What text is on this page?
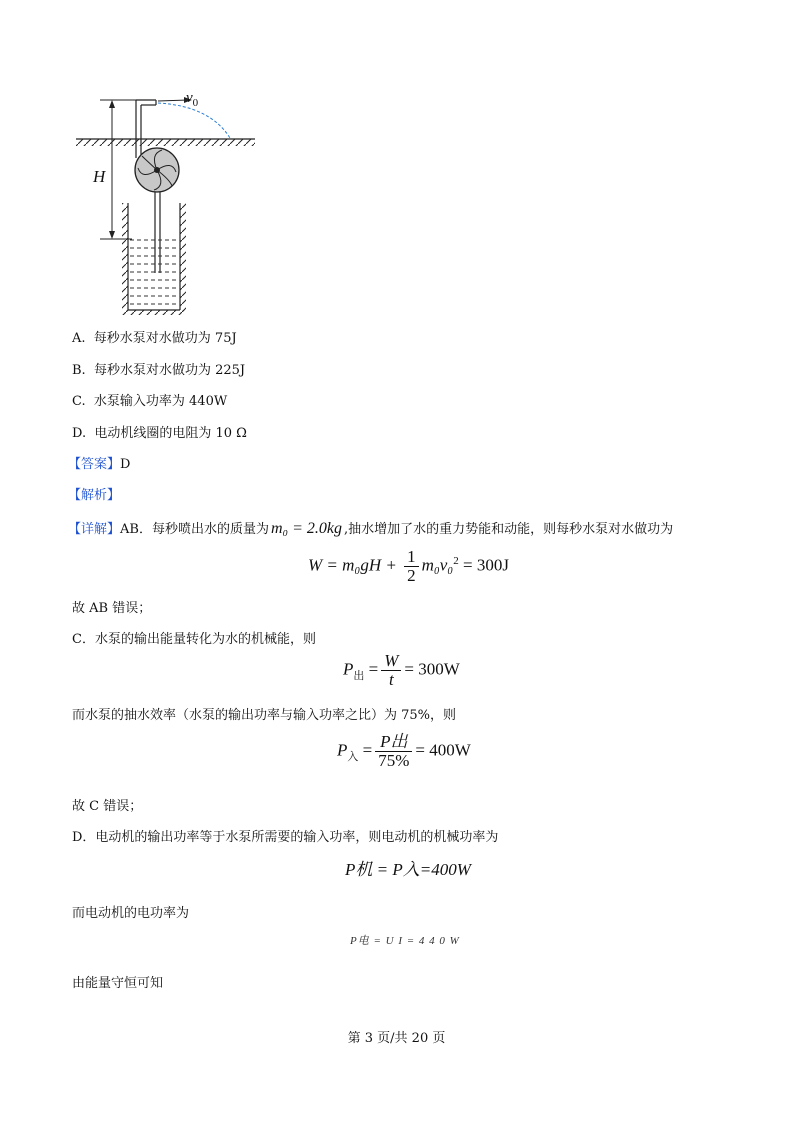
$v_0$
H
A. 每秒水泵对水做功为 75J
B. 每秒水泵对水做功为 225J
C. 水泵输入功率为 440W
D. 电动机线圈的电阻为 10 Ω
【答案】D
【解析】
【详解】AB．每秒喷出水的质量为 m₀ = 2.0kg ,抽水增加了水的重力势能和动能，则每秒水泵对水做功为
$W = m_0gH + \frac{1}{2} m_0v_0^2 = 300J$
故 AB 错误；
C．水泵的输出能量转化为水的机械能，则
$P_出 = \frac{W}{t} = 300W$
而水泵的抽水效率（水泵的输出功率与输入功率之比）为 75%，则
$P_入 = \frac{\text{P出}}{75\%} = 400W$
故 C 错误；
D．电动机的输出功率等于水泵所需要的输入功率，则电动机的机械功率为
P机 = P入=400W
而电动机的电功率为
P电 = U I = 4 4 0 W
由能量守恒可知
第 3 页/共 20 页
